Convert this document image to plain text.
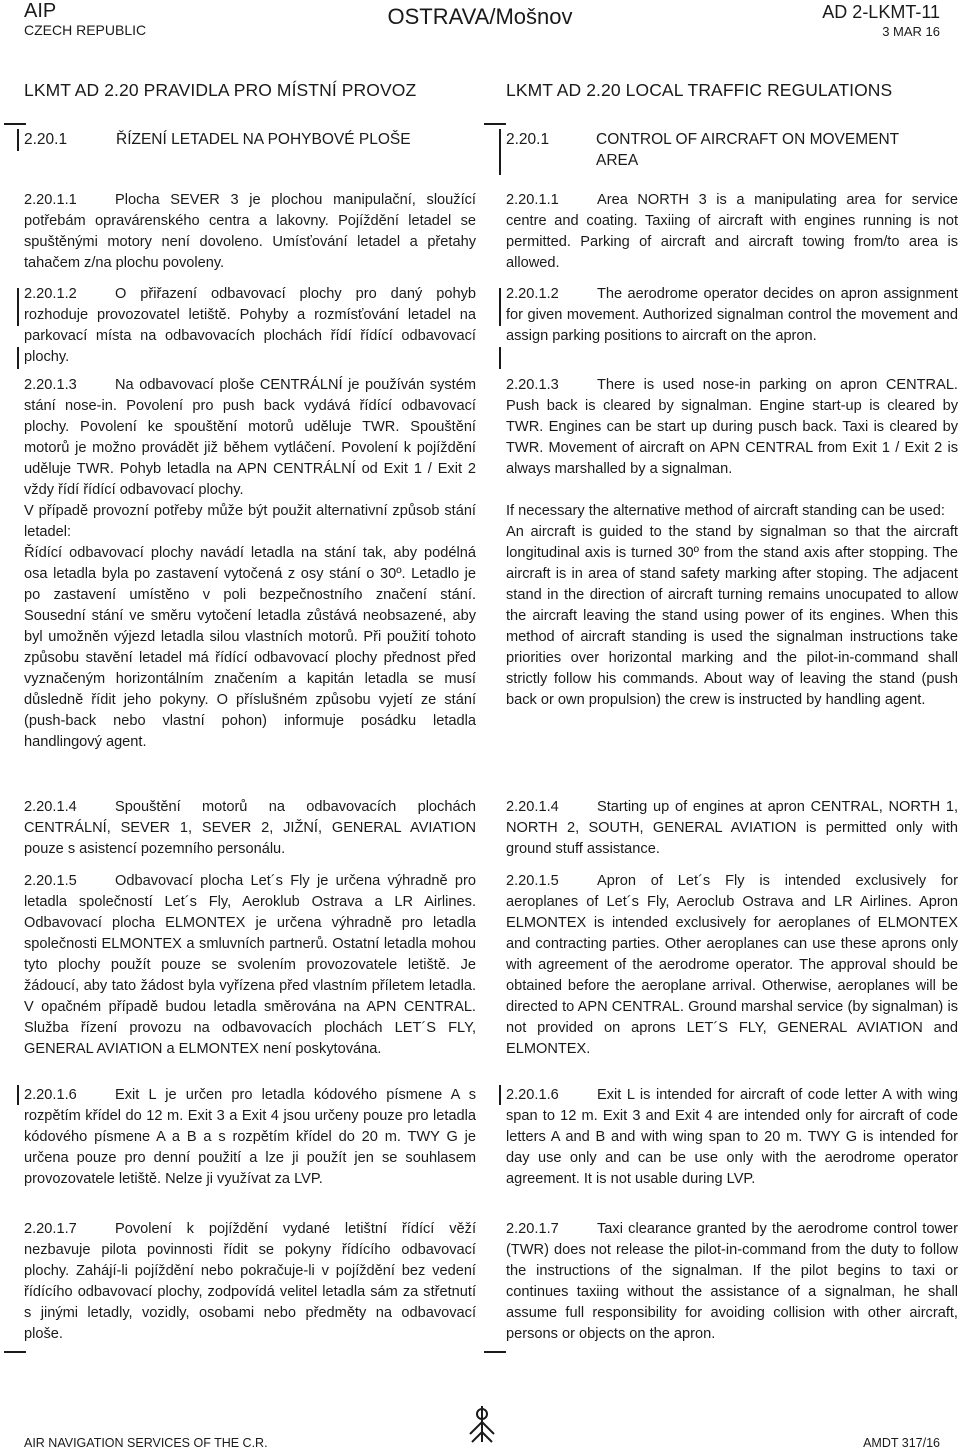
AIP
CZECH REPUBLIC
OSTRAVA/Mošnov	AD 2-LKMT-11
3 MAR 16
LKMT AD 2.20 PRAVIDLA PRO MÍSTNÍ PROVOZ	LKMT AD 2.20 LOCAL TRAFFIC REGULATIONS
2.20.1	ŘÍZENÍ LETADEL NA POHYBOVÉ PLOŠE	2.20.1	CONTROL OF AIRCRAFT ON MOVEMENT
AREA

2.20.1.1	Plocha SEVER 3 je plochou manipulační, sloužící potřebám opravárenského centra a lakovny. Pojíždění letadel se spuštěnými motory není dovoleno. Umísťování letadel a přetahy tahačem z/na plochu povoleny.

2.20.1.2	O přiřazení odbavovací plochy pro daný pohyb rozhoduje provozovatel letiště. Pohyby a rozmísťování letadel na parkovací místa na odbavovacích plochách řídí řídící odbavovací plochy.

2.20.1.3	Na odbavovací ploše CENTRÁLNÍ je používán systém stání nose-in. Povolení pro push back vydává řídící odbavovací plochy. Povolení ke spouštění motorů uděluje TWR. Spouštění motorů je možno provádět již během vytláčení. Povolení k pojíždění uděluje TWR. Pohyb letadla na APN CENTRÁLNÍ od Exit 1 / Exit 2 vždy řídí řídící odbavovací plochy.

V případě provozní potřeby může být použit alternativní způsob stání letadel:

Řídící odbavovací plochy navádí letadla na stání tak, aby podélná osa letadla byla po zastavení vytočená z osy stání o 30º. Letadlo je po zastavení umístěno v poli bezpečnostního značení stání. Sousední stání ve směru vytočení letadla zůstává neobsazené, aby byl umožněn výjezd letadla silou vlastních motorů. Při použití tohoto způsobu stavění letadel má řídící odbavovací plochy přednost před vyznačeným horizontálním značením a kapitán letadla se musí důsledně řídit jeho pokyny. O příslušném způsobu vyjetí ze stání (push-back nebo vlastní pohon) informuje posádku letadla handlingový agent.

2.20.1.4	Spouštění motorů na odbavovacích plochách CENTRÁLNÍ, SEVER 1, SEVER 2, JIŽNÍ, GENERAL AVIATION pouze s asistencí pozemního personálu.

2.20.1.5	Odbavovací plocha Let´s Fly je určena výhradně pro letadla společností Let´s Fly, Aeroklub Ostrava a LR Airlines. Odbavovací plocha ELMONTEX je určena výhradně pro letadla společnosti ELMONTEX a smluvních partnerů. Ostatní letadla mohou tyto plochy použít pouze se svolením provozovatele letiště. Je žádoucí, aby tato žádost byla vyřízena před vlastním příletem letadla. V opačném případě budou letadla směrována na APN CENTRAL. Služba řízení provozu na odbavovacích plochách LET´S FLY, GENERAL AVIATION a ELMONTEX není poskytována.

2.20.1.6	Exit L je určen pro letadla kódového písmene A s rozpětím křídel do 12 m. Exit 3 a Exit 4 jsou určeny pouze pro letadla kódového písmene A a B a s rozpětím křídel do 20 m. TWY G je určena pouze pro denní použití a lze ji použít jen se souhlasem provozovatele letiště. Nelze ji využívat za LVP.

2.20.1.7	Povolení k pojíždění vydané letištní řídící věží nezbavuje pilota povinnosti řídit se pokyny řídícího odbavovací plochy. Zahájí-li pojíždění nebo pokračuje-li v pojíždění bez vedení řídícího odbavovací plochy, zodpovídá velitel letadla sám za střetnutí s jinými letadly, vozidly, osobami nebo předměty na odbavovací ploše.

2.20.1.1	Area NORTH 3 is a manipulating area for service centre and coating. Taxiing of aircraft with engines running is not permitted. Parking of aircraft and aircraft towing from/to area is allowed.

2.20.1.2	The aerodrome operator decides on apron assignment for given movement. Authorized signalman control the movement and assign parking positions to aircraft on the apron.

2.20.1.3	There is used nose-in parking on apron CENTRAL. Push back is cleared by signalman. Engine start-up is cleared by TWR. Engines can be start up during pusch back. Taxi is cleared by TWR. Movement of aircraft on APN CENTRAL from Exit 1 / Exit 2 is always marshalled by a signalman.

If necessary the alternative method of aircraft standing can be used:

An aircraft is guided to the stand by signalman so that the aircraft longitudinal axis is turned 30º from the stand axis after stopping. The aircraft is in area of stand safety marking after stoping. The adjacent stand in the direction of aircraft turning remains unocupated to allow the aircraft leaving the stand using power of its engines. When this method of aircraft standing is used the signalman instructions take priorities over horizontal marking and the pilot-in-command shall strictly follow his commands. About way of leaving the stand (push back or own propulsion) the crew is instructed by handling agent.

2.20.1.4	Starting up of engines at apron CENTRAL, NORTH 1, NORTH 2, SOUTH, GENERAL AVIATION is permitted only with ground stuff assistance.

2.20.1.5	Apron of Let´s Fly is intended exclusively for aeroplanes of Let´s Fly, Aeroclub Ostrava and LR Airlines. Apron ELMONTEX is intended exclusively for aeroplanes of ELMONTEX and contracting parties. Other aeroplanes can use these aprons only with agreement of the aerodrome operator. The approval should be obtained before the aeroplane arrival. Otherwise, aeroplanes will be directed to APN CENTRAL. Ground marshal service (by signalman) is not provided on aprons LET´S FLY, GENERAL AVIATION and ELMONTEX.

2.20.1.6	Exit L is intended for aircraft of code letter A with wing span to 12 m. Exit 3 and Exit 4 are intended only for aircraft of code letters A and B and with wing span to 20 m. TWY G is intended for day use only and can be use only with the aerodrome operator agreement. It is not usable during LVP.

2.20.1.7	Taxi clearance granted by the aerodrome control tower (TWR) does not release the pilot-in-command from the duty to follow the instructions of the signalman. If the pilot begins to taxi or continues taxiing without the assistance of a signalman, he shall assume full responsibility for avoiding collision with other aircraft, persons or objects on the apron.

AIR NAVIGATION SERVICES OF THE C.R.	AMDT 317/16
